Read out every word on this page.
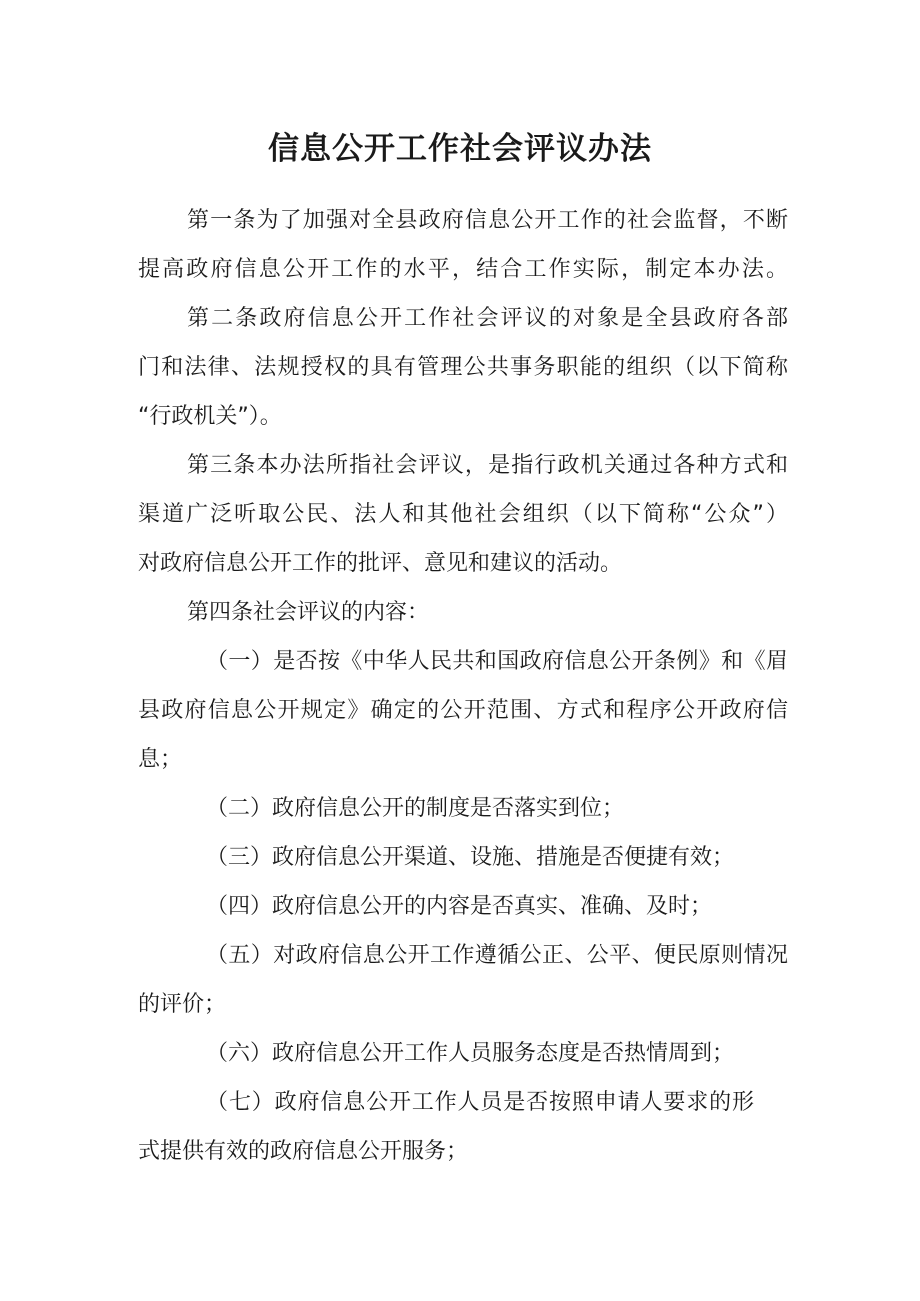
信息公开工作社会评议办法
第一条为了加强对全县政府信息公开工作的社会监督，不断
提高政府信息公开工作的水平，结合工作实际，制定本办法。
第二条政府信息公开工作社会评议的对象是全县政府各部
门和法律、法规授权的具有管理公共事务职能的组织（以下简称
“行政机关”）。
第三条本办法所指社会评议，是指行政机关通过各种方式和
渠道广泛听取公民、法人和其他社会组织（以下简称“公众”）
对政府信息公开工作的批评、意见和建议的活动。
第四条社会评议的内容：
（一）是否按《中华人民共和国政府信息公开条例》和《眉
县政府信息公开规定》确定的公开范围、方式和程序公开政府信
息；
（二）政府信息公开的制度是否落实到位；
（三）政府信息公开渠道、设施、措施是否便捷有效；
（四）政府信息公开的内容是否真实、准确、及时；
（五）对政府信息公开工作遵循公正、公平、便民原则情况
的评价；
（六）政府信息公开工作人员服务态度是否热情周到；
（七）政府信息公开工作人员是否按照申请人要求的形
式提供有效的政府信息公开服务；
